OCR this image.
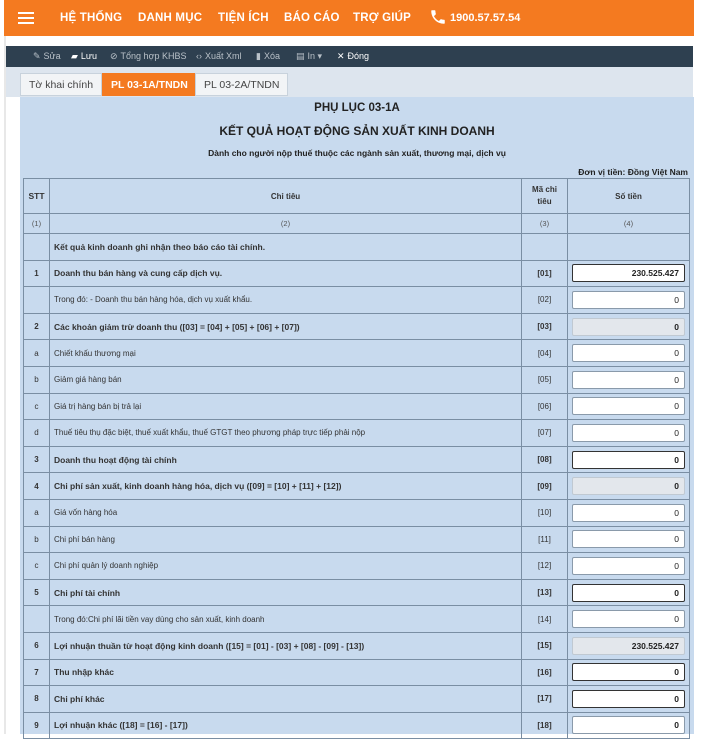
HỆ THỐNG DANH MỤC TIỆN ÍCH BÁO CÁO TRỢ GIÚP	1900.57.57.54
✎ Sửa ▰ Lưu ⊘ Tổng hợp KHBS ‹› Xuất Xml ▮ Xóa ▤ In ▾ ✕ Đóng
Tờ khai chính	PL 03-1A/TNDN	PL 03-2A/TNDN
PHỤ LỤC 03-1A
KẾT QUẢ HOẠT ĐỘNG SẢN XUẤT KINH DOANH
Dành cho người nộp thuế thuộc các ngành sản xuất, thương mại, dịch vụ
Đơn vị tiền: Đồng Việt Nam
STT	Chỉ tiêu	Mã chỉ tiêu	Số tiền
(1)	(2)	(3)	(4)
	Kết quả kinh doanh ghi nhận theo báo cáo tài chính.		
1	Doanh thu bán hàng và cung cấp dịch vụ.	[01]	230.525.427

	Trong đó: - Doanh thu bán hàng hóa, dịch vụ xuất khẩu.	[02]	0

2	Các khoản giảm trừ doanh thu ([03] = [04] + [05] + [06] + [07])	[03]	0

a	Chiết khấu thương mại	[04]	0

b	Giảm giá hàng bán	[05]	0

c	Giá trị hàng bán bị trả lại	[06]	0

d	Thuế tiêu thụ đặc biệt, thuế xuất khẩu, thuế GTGT theo phương pháp trực tiếp phải nộp	[07]	0

3	Doanh thu hoạt động tài chính	[08]	0

4	Chi phí sản xuất, kinh doanh hàng hóa, dịch vụ ([09] = [10] + [11] + [12])	[09]	0

a	Giá vốn hàng hóa	[10]	0

b	Chi phí bán hàng	[11]	0

c	Chi phí quản lý doanh nghiệp	[12]	0

5	Chi phí tài chính	[13]	0

	Trong đó:Chi phí lãi tiền vay dùng cho sản xuất, kinh doanh	[14]	0

6	Lợi nhuận thuần từ hoạt động kinh doanh ([15] = [01] - [03] + [08] - [09] - [13])	[15]	230.525.427

7	Thu nhập khác	[16]	0

8	Chi phí khác	[17]	0

9	Lợi nhuận khác ([18] = [16] - [17])	[18]	0
